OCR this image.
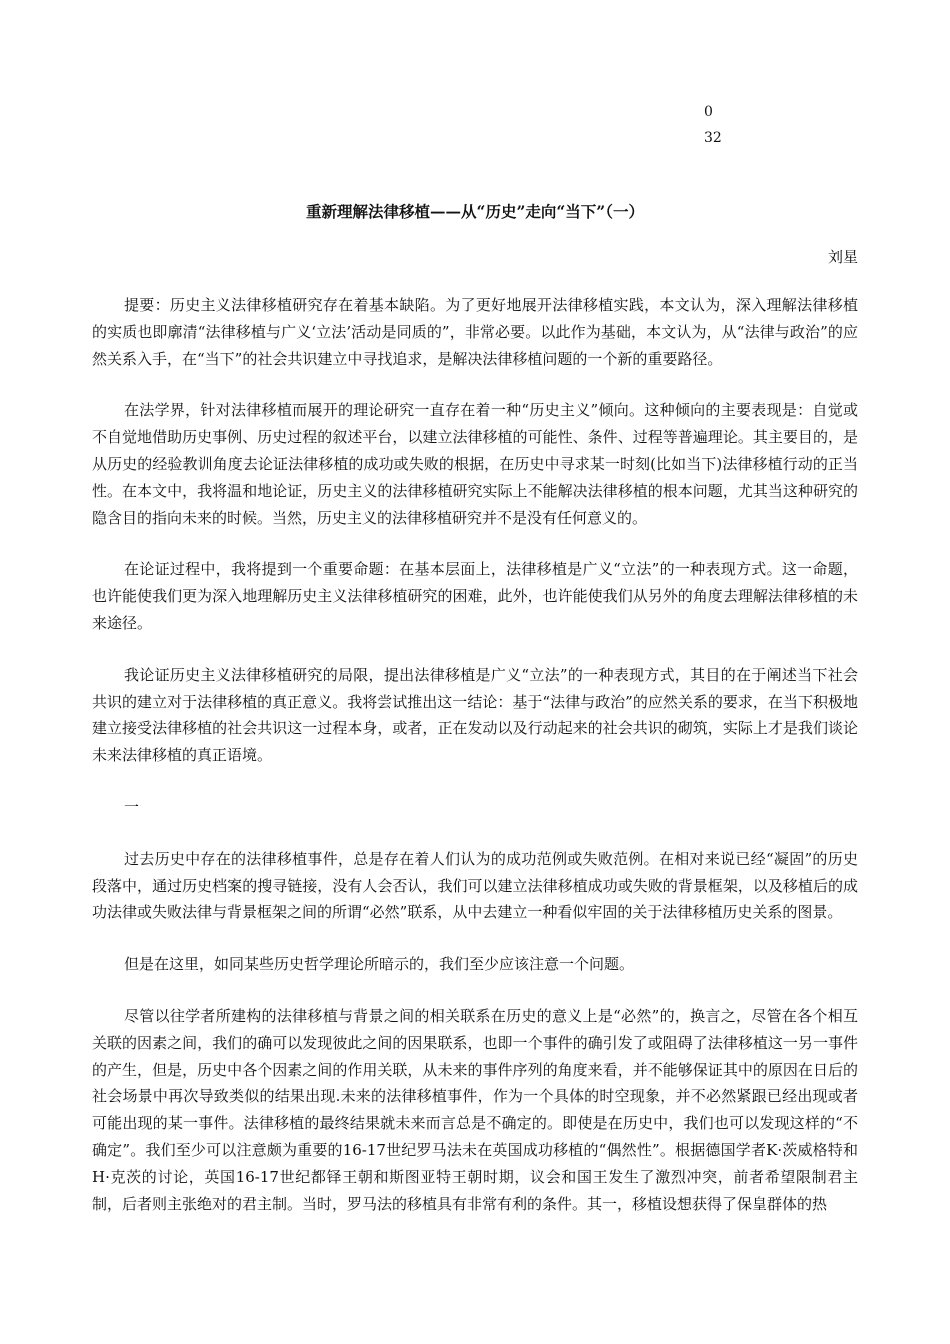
0
32
重新理解法律移植——从“历史”走向“当下”（一）
刘星

提要：历史主义法律移植研究存在着基本缺陷。为了更好地展开法律移植实践，本文认为，深入理解法律移植的实质也即廓清“法律移植与广义‘立法’活动是同质的”，非常必要。以此作为基础，本文认为，从“法律与政治”的应然关系入手，在“当下”的社会共识建立中寻找追求，是解决法律移植问题的一个新的重要路径。

在法学界，针对法律移植而展开的理论研究一直存在着一种“历史主义”倾向。这种倾向的主要表现是：自觉或不自觉地借助历史事例、历史过程的叙述平台，以建立法律移植的可能性、条件、过程等普遍理论。其主要目的，是从历史的经验教训角度去论证法律移植的成功或失败的根据，在历史中寻求某一时刻(比如当下)法律移植行动的正当性。在本文中，我将温和地论证，历史主义的法律移植研究实际上不能解决法律移植的根本问题，尤其当这种研究的隐含目的指向未来的时候。当然，历史主义的法律移植研究并不是没有任何意义的。

在论证过程中，我将提到一个重要命题：在基本层面上，法律移植是广义“立法”的一种表现方式。这一命题，也许能使我们更为深入地理解历史主义法律移植研究的困难，此外，也许能使我们从另外的角度去理解法律移植的未来途径。

我论证历史主义法律移植研究的局限，提出法律移植是广义“立法”的一种表现方式，其目的在于阐述当下社会共识的建立对于法律移植的真正意义。我将尝试推出这一结论：基于“法律与政治”的应然关系的要求，在当下积极地建立接受法律移植的社会共识这一过程本身，或者，正在发动以及行动起来的社会共识的砌筑，实际上才是我们谈论未来法律移植的真正语境。

一

过去历史中存在的法律移植事件，总是存在着人们认为的成功范例或失败范例。在相对来说已经“凝固”的历史段落中，通过历史档案的搜寻链接，没有人会否认，我们可以建立法律移植成功或失败的背景框架，以及移植后的成功法律或失败法律与背景框架之间的所谓“必然”联系，从中去建立一种看似牢固的关于法律移植历史关系的图景。

但是在这里，如同某些历史哲学理论所暗示的，我们至少应该注意一个问题。

尽管以往学者所建构的法律移植与背景之间的相关联系在历史的意义上是“必然”的，换言之，尽管在各个相互关联的因素之间，我们的确可以发现彼此之间的因果联系，也即一个事件的确引发了或阻碍了法律移植这一另一事件的产生，但是，历史中各个因素之间的作用关联，从未来的事件序列的角度来看，并不能够保证其中的原因在日后的社会场景中再次导致类似的结果出现.未来的法律移植事件，作为一个具体的时空现象，并不必然紧跟已经出现或者可能出现的某一事件。法律移植的最终结果就未来而言总是不确定的。即使是在历史中，我们也可以发现这样的“不确定”。我们至少可以注意颇为重要的16-17世纪罗马法未在英国成功移植的“偶然性”。根据德国学者K·茨威格特和H·克茨的讨论，英国16-17世纪都铎王朝和斯图亚特王朝时期，议会和国王发生了激烈冲突，前者希望限制君主制，后者则主张绝对的君主制。当时，罗马法的移植具有非常有利的条件。其一，移植设想获得了保皇群体的热
